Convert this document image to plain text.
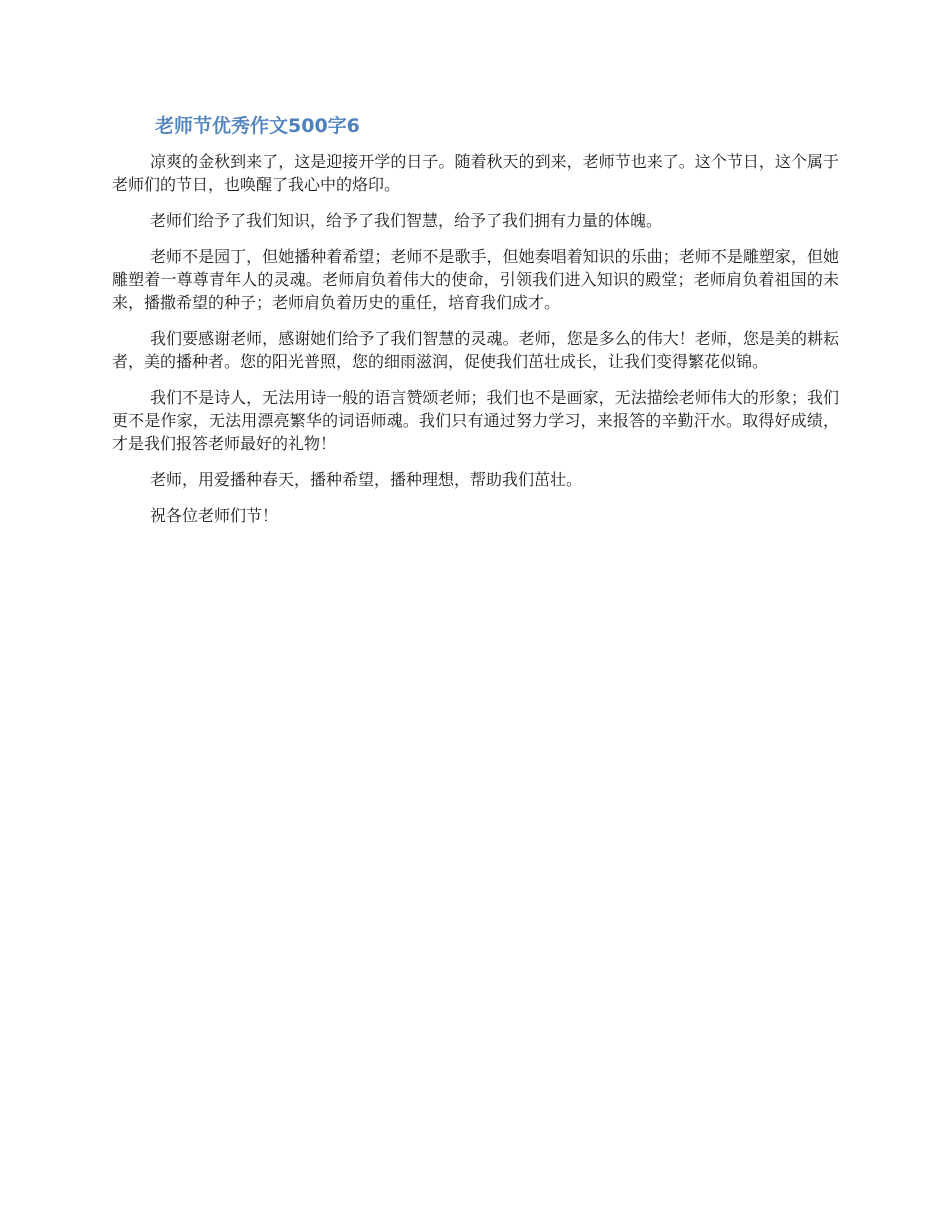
老师节优秀作文500字6

凉爽的金秋到来了，这是迎接开学的日子。随着秋天的到来，老师节也来了。这个节日，这个属于老师们的节日，也唤醒了我心中的烙印。

老师们给予了我们知识，给予了我们智慧，给予了我们拥有力量的体魄。

老师不是园丁，但她播种着希望；老师不是歌手，但她奏唱着知识的乐曲；老师不是雕塑家，但她雕塑着一尊尊青年人的灵魂。老师肩负着伟大的使命，引领我们进入知识的殿堂；老师肩负着祖国的未来，播撒希望的种子；老师肩负着历史的重任，培育我们成才。

我们要感谢老师，感谢她们给予了我们智慧的灵魂。老师，您是多么的伟大！老师，您是美的耕耘者，美的播种者。您的阳光普照，您的细雨滋润，促使我们茁壮成长，让我们变得繁花似锦。

我们不是诗人，无法用诗一般的语言赞颂老师；我们也不是画家，无法描绘老师伟大的形象；我们更不是作家，无法用漂亮繁华的词语师魂。我们只有通过努力学习，来报答的辛勤汗水。取得好成绩，才是我们报答老师最好的礼物！

老师，用爱播种春天，播种希望，播种理想，帮助我们茁壮。

祝各位老师们节！
